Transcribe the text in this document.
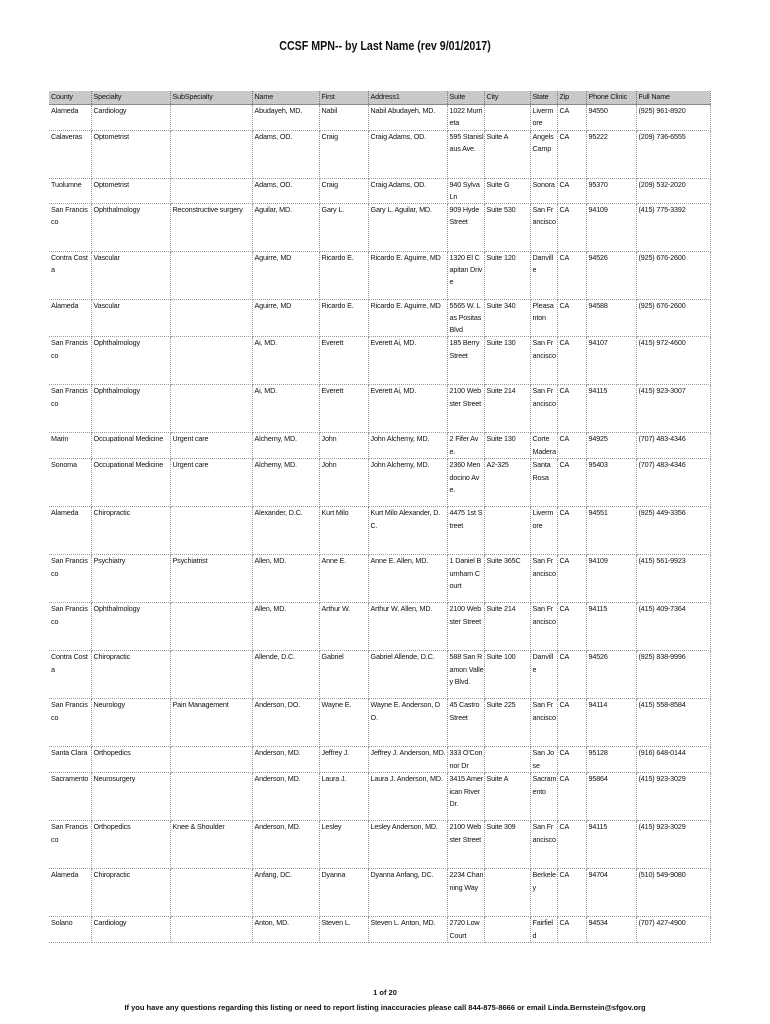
CCSF MPN-- by Last Name (rev 9/01/2017)
County	Specialty	SubSpecialty	Name	First	Address1	Suite	City	State	Zip	Phone Clinic	Full Name
Alameda	Cardiology		Abudayeh, MD.	Nabil	Nabil Abudayeh, MD.	1022 Murrieta		Livermore	CA	94550	(925) 961-8920
Calaveras	Optometrist		Adams, OD.	Craig	Craig Adams, OD.	595 Stanislaus Ave.	Suite A	Angels Camp	CA	95222	(209) 736-6555
Tuolumne	Optometrist		Adams, OD.	Craig	Craig Adams, OD.	940 Sylva Ln	Suite G	Sonora	CA	95370	(209) 532-2020
San Francisco	Ophthalmology	Reconstructive surgery	Aguilar, MD.	Gary L.	Gary L. Aguilar, MD.	909 Hyde Street	Suite 530	San Francisco	CA	94109	(415) 775-3392
Contra Costa	Vascular		Aguirre, MD	Ricardo E.	Ricardo E. Aguirre, MD	1320 El Capitan Drive	Suite 120	Danville	CA	94526	(925) 676-2600
Alameda	Vascular		Aguirre, MD	Ricardo E.	Ricardo E. Aguirre, MD	5565 W. Las Positas Blvd	Suite 340	Pleasanton	CA	94588	(925) 676-2600
San Francisco	Ophthalmology		Ai, MD.	Everett	Everett Ai, MD.	185 Berry Street	Suite 130	San Francisco	CA	94107	(415) 972-4600
San Francisco	Ophthalmology		Ai, MD.	Everett	Everett Ai, MD.	2100 Webster Street	Suite 214	San Francisco	CA	94115	(415) 923-3007
Marin	Occupational Medicine	Urgent care	Alchemy, MD.	John	John Alchemy, MD.	2 Fifer Ave.	Suite 130	Corte Madera	CA	94925	(707) 483-4346
Sonoma	Occupational Medicine	Urgent care	Alchemy, MD.	John	John Alchemy, MD.	2360 Mendocino Ave.	A2-325	Santa Rosa	CA	95403	(707) 483-4346
Alameda	Chiropractic		Alexander, D.C.	Kurt Milo	Kurt Milo Alexander, D.C.	4475 1st Street		Livermore	CA	94551	(925) 449-3356
San Francisco	Psychiatry	Psychiatrist	Allen, MD.	Anne E.	Anne E. Allen, MD.	1 Daniel Burnham Court	Suite 365C	San Francisco	CA	94109	(415) 561-9923
San Francisco	Ophthalmology		Allen, MD.	Arthur W.	Arthur W. Allen, MD.	2100 Webster Street	Suite 214	San Francisco	CA	94115	(415) 409-7364
Contra Costa	Chiropractic		Allende, D.C.	Gabriel	Gabriel Allende, D.C.	588 San Ramon Valley Blvd.	Suite 100	Danville	CA	94526	(925) 838-9996
San Francisco	Neurology	Pain Management	Anderson, DO.	Wayne E.	Wayne E. Anderson, DO.	45 Castro Street	Suite 225	San Francisco	CA	94114	(415) 558-8584
Santa Clara	Orthopedics		Anderson, MD.	Jeffrey J.	Jeffrey J. Anderson, MD.	333 O'Connor Dr		San Jose	CA	95128	(916) 648-0144
Sacramento	Neurosurgery		Anderson, MD.	Laura J.	Laura J. Anderson, MD.	3415 American River Dr.	Suite A	Sacramento	CA	95864	(415) 923-3029
San Francisco	Orthopedics	Knee & Shoulder	Anderson, MD.	Lesley	Lesley Anderson, MD.	2100 Webster Street	Suite 309	San Francisco	CA	94115	(415) 923-3029
Alameda	Chiropractic		Anfang, DC.	Dyanna	Dyanna Anfang, DC.	2234 Channing Way		Berkeley	CA	94704	(510) 549-9080
Solano	Cardiology		Anton, MD.	Steven L.	Steven L. Anton, MD.	2720 Low Court		Fairfield	CA	94534	(707) 427-4900
1 of 20
If you have any questions regarding this listing or need to report listing inaccuracies please call 844-875-8666 or email Linda.Bernstein@sfgov.org
